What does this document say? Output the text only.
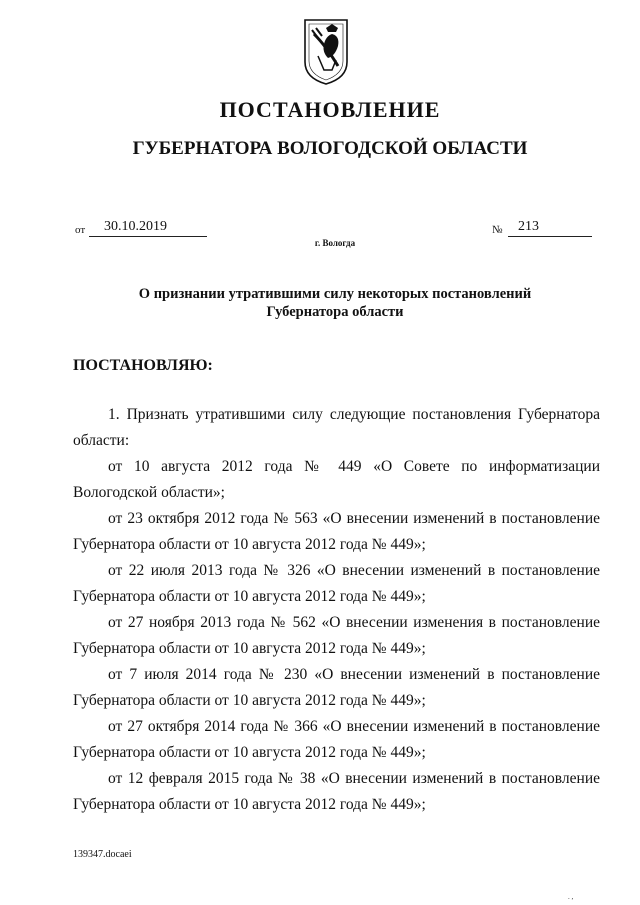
ПОСТАНОВЛЕНИЕ
ГУБЕРНАТОРА ВОЛОГОДСКОЙ ОБЛАСТИ
от	30.10.2019	№	213
г. Вологда
О признании утратившими силу некоторых постановлений Губернатора области
ПОСТАНОВЛЯЮ:

1. Признать утратившими силу следующие постановления Губернатора области:

от 10 августа 2012 года № 449 «О Совете по информатизации Вологодской области»;

от 23 октября 2012 года № 563 «О внесении изменений в постановление Губернатора области от 10 августа 2012 года № 449»;

от 22 июля 2013 года № 326 «О внесении изменений в постановление Губернатора области от 10 августа 2012 года № 449»;

от 27 ноября 2013 года № 562 «О внесении изменения в постановление Губернатора области от 10 августа 2012 года № 449»;

от 7 июля 2014 года № 230 «О внесении изменений в постановление Губернатора области от 10 августа 2012 года № 449»;

от 27 октября 2014 года № 366 «О внесении изменений в постановление Губернатора области от 10 августа 2012 года № 449»;

от 12 февраля 2015 года № 38 «О внесении изменений в постановление Губернатора области от 10 августа 2012 года № 449»;

139347.docaei
. ,
